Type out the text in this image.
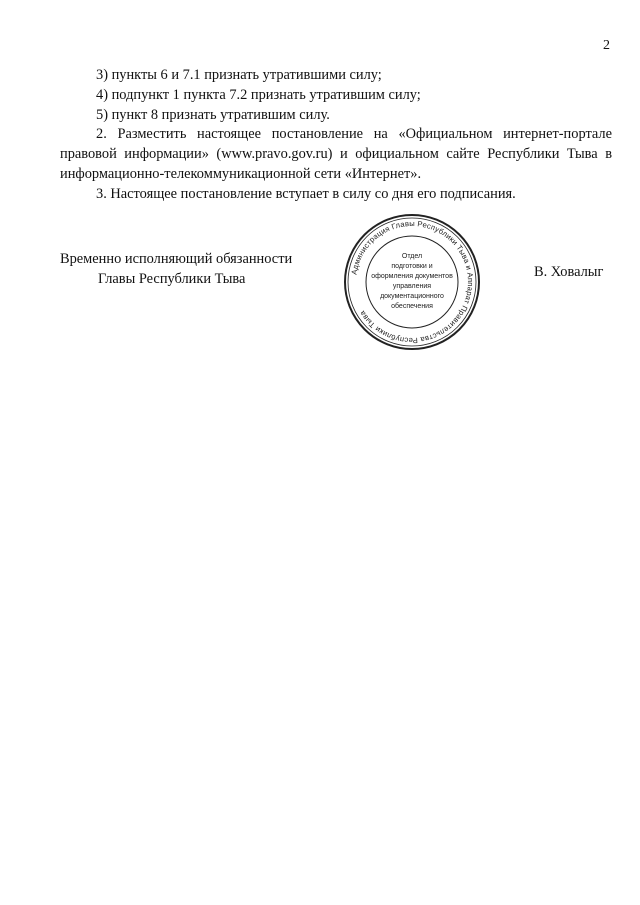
2

3) пункты 6 и 7.1 признать утратившими силу;

4) подпункт 1 пункта 7.2 признать утратившим силу;

5) пункт 8 признать утратившим силу.

2. Разместить настоящее постановление на «Официальном интернет-портале правовой информации» (www.pravo.gov.ru) и официальном сайте Республики Тыва в информационно-телекоммуникационной сети «Интернет».

3. Настоящее постановление вступает в силу со дня его подписания.

Временно исполняющий обязанности
Главы Республики Тыва	Администрация Главы Республики Тыва и Аппарат Правительства Республики Тыва
Отдел
подготовки и
оформления документов
управления
документационного
обеспечения
В. Ховалыг
